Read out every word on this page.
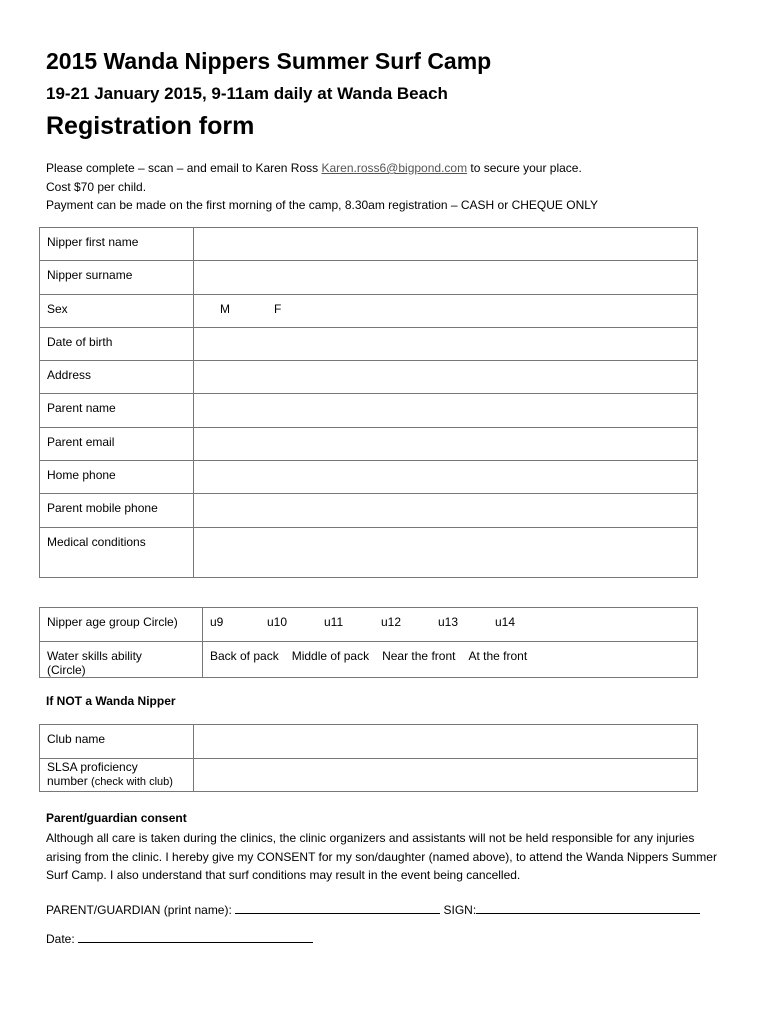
2015 Wanda Nippers Summer Surf Camp
19-21 January 2015, 9-11am daily at Wanda Beach
Registration form
Please complete – scan – and email to Karen Ross Karen.ross6@bigpond.com to secure your place.
Cost $70 per child.
Payment can be made on the first morning of the camp, 8.30am registration – CASH or CHEQUE ONLY
Nipper first name	
Nipper surname	
Sex	M F
Date of birth	
Address	
Parent name	
Parent email	
Home phone	
Parent mobile phone	
Medical conditions	
Nipper age group Circle)	u9 u10 u11 u12 u13 u14

Water skills ability
(Circle)	Back of pack Middle of pack Near the front At the front
If NOT a Wanda Nipper
Club name	

SLSA proficiency
number (check with club)	

Parent/guardian consent
Although all care is taken during the clinics, the clinic organizers and assistants will not be held responsible for any injuries arising from the clinic. I hereby give my CONSENT for my son/daughter (named above), to attend the Wanda Nippers Summer Surf Camp. I also understand that surf conditions may result in the event being cancelled.
PARENT/GUARDIAN (print name):	SIGN:
Date:
